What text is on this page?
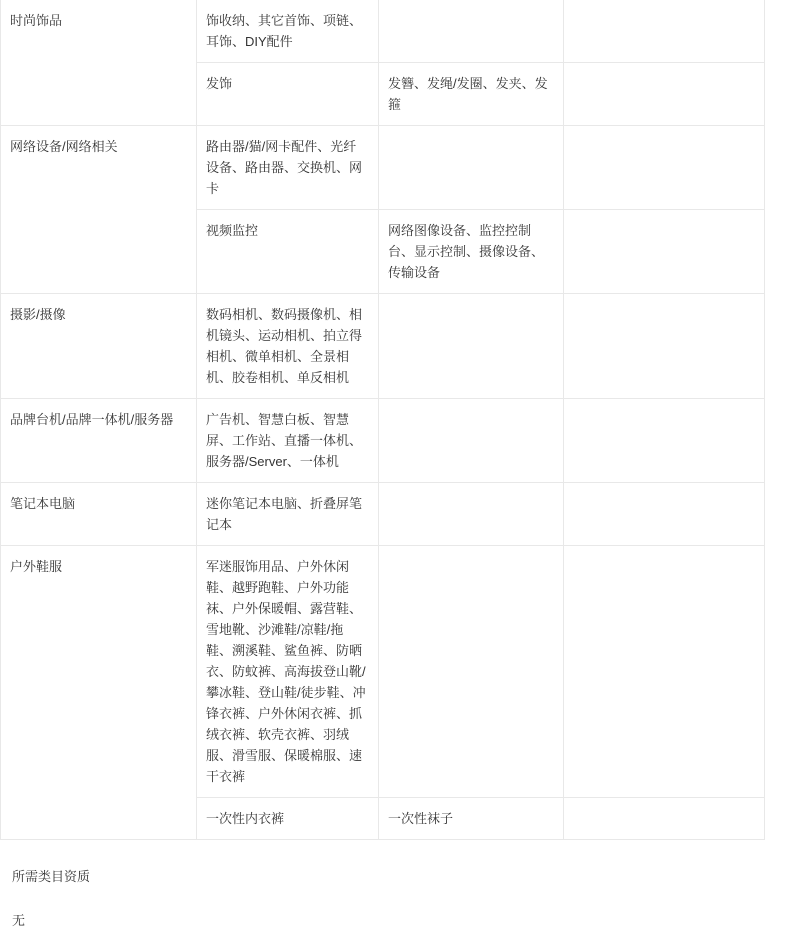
时尚饰品	饰收纳、其它首饰、项链、耳饰、DIY配件		
	发饰	发簪、发绳/发圈、发夹、发箍	
网络设备/网络相关	路由器/猫/网卡配件、光纤设备、路由器、交换机、网卡		
	视频监控	网络图像设备、监控控制台、显示控制、摄像设备、传输设备	
摄影/摄像	数码相机、数码摄像机、相机镜头、运动相机、拍立得相机、微单相机、全景相机、胶卷相机、单反相机		
品牌台机/品牌一体机/服务器	广告机、智慧白板、智慧屏、工作站、直播一体机、服务器/Server、一体机		
笔记本电脑	迷你笔记本电脑、折叠屏笔记本		
户外鞋服	军迷服饰用品、户外休闲鞋、越野跑鞋、户外功能袜、户外保暖帽、露营鞋、雪地靴、沙滩鞋/凉鞋/拖鞋、溯溪鞋、鲨鱼裤、防晒衣、防蚊裤、高海拔登山靴/攀冰鞋、登山鞋/徒步鞋、冲锋衣裤、户外休闲衣裤、抓绒衣裤、软壳衣裤、羽绒服、滑雪服、保暖棉服、速干衣裤		
	一次性内衣裤	一次性袜子	
所需类目资质
无
